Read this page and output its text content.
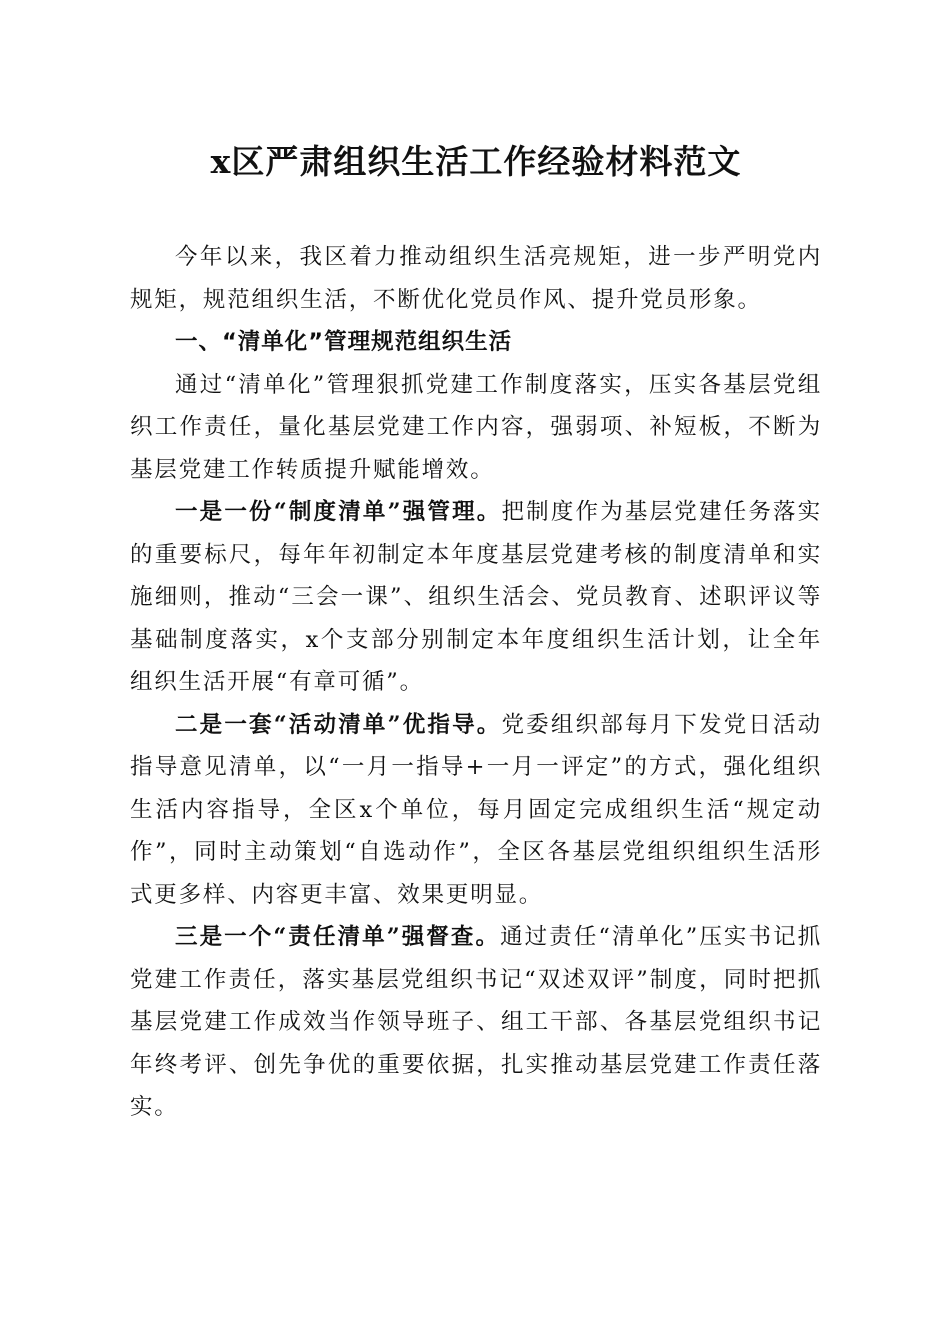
x区严肃组织生活工作经验材料范文

今年以来，我区着力推动组织生活亮规矩，进一步严明党内规矩，规范组织生活，不断优化党员作风、提升党员形象。

一、“清单化”管理规范组织生活

通过“清单化”管理狠抓党建工作制度落实，压实各基层党组织工作责任，量化基层党建工作内容，强弱项、补短板，不断为基层党建工作转质提升赋能增效。

一是一份“制度清单”强管理。把制度作为基层党建任务落实的重要标尺，每年年初制定本年度基层党建考核的制度清单和实施细则，推动“三会一课”、组织生活会、党员教育、述职评议等基础制度落实，x个支部分别制定本年度组织生活计划，让全年组织生活开展“有章可循”。

二是一套“活动清单”优指导。党委组织部每月下发党日活动指导意见清单，以“一月一指导+一月一评定”的方式，强化组织生活内容指导，全区x个单位，每月固定完成组织生活“规定动作”，同时主动策划“自选动作”，全区各基层党组织组织生活形式更多样、内容更丰富、效果更明显。

三是一个“责任清单”强督查。通过责任“清单化”压实书记抓党建工作责任，落实基层党组织书记“双述双评”制度，同时把抓基层党建工作成效当作领导班子、组工干部、各基层党组织书记年终考评、创先争优的重要依据，扎实推动基层党建工作责任落实。
